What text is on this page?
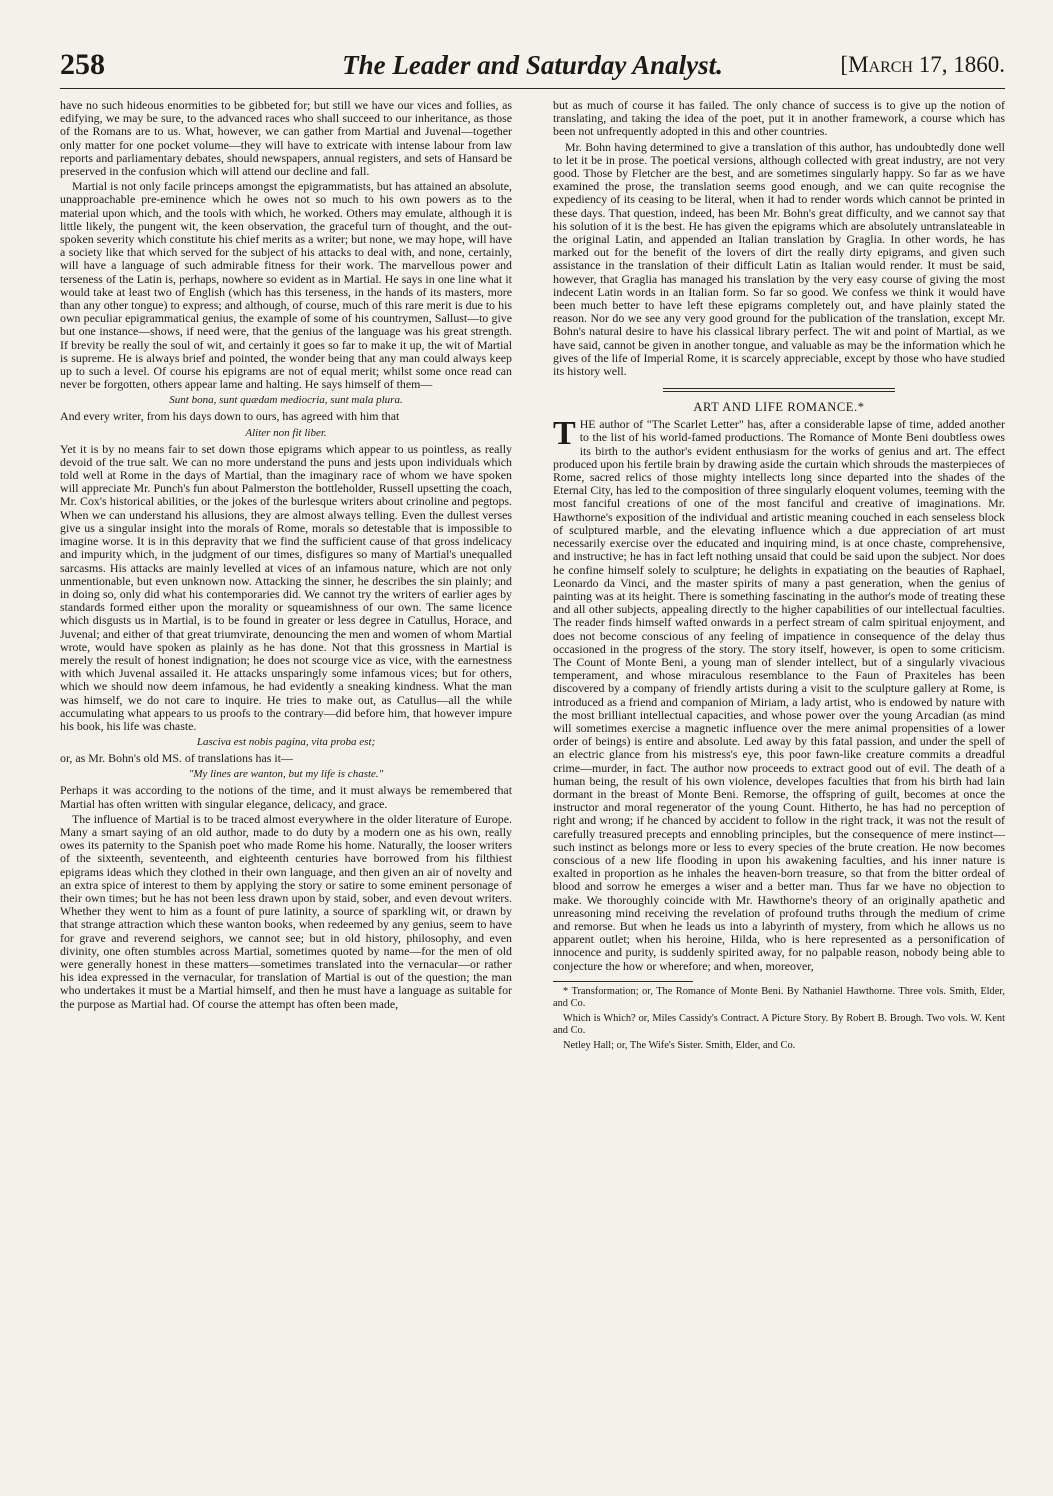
258	The Leader and Saturday Analyst.	[March 17, 1860.

have no such hideous enormities to be gibbeted for; but still we have our vices and follies, as edifying, we may be sure, to the advanced races who shall succeed to our inheritance, as those of the Romans are to us. What, however, we can gather from Martial and Juvenal—together only matter for one pocket volume—they will have to extricate with intense labour from law reports and parliamentary debates, should newspapers, annual registers, and sets of Hansard be preserved in the confusion which will attend our decline and fall.

Martial is not only facile princeps amongst the epigrammatists, but has attained an absolute, unapproachable pre-eminence which he owes not so much to his own powers as to the material upon which, and the tools with which, he worked. Others may emulate, although it is little likely, the pungent wit, the keen observation, the graceful turn of thought, and the out-spoken severity which constitute his chief merits as a writer; but none, we may hope, will have a society like that which served for the subject of his attacks to deal with, and none, certainly, will have a language of such admirable fitness for their work. The marvellous power and terseness of the Latin is, perhaps, nowhere so evident as in Martial. He says in one line what it would take at least two of English (which has this terseness, in the hands of its masters, more than any other tongue) to express; and although, of course, much of this rare merit is due to his own peculiar epigrammatical genius, the example of some of his countrymen, Sallust—to give but one instance—shows, if need were, that the genius of the language was his great strength. If brevity be really the soul of wit, and certainly it goes so far to make it up, the wit of Martial is supreme. He is always brief and pointed, the wonder being that any man could always keep up to such a level. Of course his epigrams are not of equal merit; whilst some once read can never be forgotten, others appear lame and halting. He says himself of them—

Sunt bona, sunt quædam mediocria, sunt mala plura.

And every writer, from his days down to ours, has agreed with him that

Aliter non fit liber.

Yet it is by no means fair to set down those epigrams which appear to us pointless, as really devoid of the true salt. We can no more understand the puns and jests upon individuals which told well at Rome in the days of Martial, than the imaginary race of whom we have spoken will appreciate Mr. Punch's fun about Palmerston the bottleholder, Russell upsetting the coach, Mr. Cox's historical abilities, or the jokes of the burlesque writers about crinoline and pegtops. When we can understand his allusions, they are almost always telling. Even the dullest verses give us a singular insight into the morals of Rome, morals so detestable that is impossible to imagine worse. It is in this depravity that we find the sufficient cause of that gross indelicacy and impurity which, in the judgment of our times, disfigures so many of Martial's unequalled sarcasms. His attacks are mainly levelled at vices of an infamous nature, which are not only unmentionable, but even unknown now. Attacking the sinner, he describes the sin plainly; and in doing so, only did what his contemporaries did. We cannot try the writers of earlier ages by standards formed either upon the morality or squeamishness of our own. The same licence which disgusts us in Martial, is to be found in greater or less degree in Catullus, Horace, and Juvenal; and either of that great triumvirate, denouncing the men and women of whom Martial wrote, would have spoken as plainly as he has done. Not that this grossness in Martial is merely the result of honest indignation; he does not scourge vice as vice, with the earnestness with which Juvenal assailed it. He attacks unsparingly some infamous vices; but for others, which we should now deem infamous, he had evidently a sneaking kindness. What the man was himself, we do not care to inquire. He tries to make out, as Catullus—all the while accumulating what appears to us proofs to the contrary—did before him, that however impure his book, his life was chaste.

Lasciva est nobis pagina, vita proba est;

or, as Mr. Bohn's old MS. of translations has it—

"My lines are wanton, but my life is chaste."

Perhaps it was according to the notions of the time, and it must always be remembered that Martial has often written with singular elegance, delicacy, and grace.

The influence of Martial is to be traced almost everywhere in the older literature of Europe. Many a smart saying of an old author, made to do duty by a modern one as his own, really owes its paternity to the Spanish poet who made Rome his home. Naturally, the looser writers of the sixteenth, seventeenth, and eighteenth centuries have borrowed from his filthiest epigrams ideas which they clothed in their own language, and then given an air of novelty and an extra spice of interest to them by applying the story or satire to some eminent personage of their own times; but he has not been less drawn upon by staid, sober, and even devout writers. Whether they went to him as a fount of pure latinity, a source of sparkling wit, or drawn by that strange attraction which these wanton books, when redeemed by any genius, seem to have for grave and reverend seighors, we cannot see; but in old history, philosophy, and even divinity, one often stumbles across Martial, sometimes quoted by name—for the men of old were generally honest in these matters—sometimes translated into the vernacular—or rather his idea expressed in the vernacular, for translation of Martial is out of the question; the man who undertakes it must be a Martial himself, and then he must have a language as suitable for the purpose as Martial had. Of course the attempt has often been made,

but as much of course it has failed. The only chance of success is to give up the notion of translating, and taking the idea of the poet, put it in another framework, a course which has been not unfrequently adopted in this and other countries.

Mr. Bohn having determined to give a translation of this author, has undoubtedly done well to let it be in prose. The poetical versions, although collected with great industry, are not very good. Those by Fletcher are the best, and are sometimes singularly happy. So far as we have examined the prose, the translation seems good enough, and we can quite recognise the expediency of its ceasing to be literal, when it had to render words which cannot be printed in these days. That question, indeed, has been Mr. Bohn's great difficulty, and we cannot say that his solution of it is the best. He has given the epigrams which are absolutely untranslateable in the original Latin, and appended an Italian translation by Graglia. In other words, he has marked out for the benefit of the lovers of dirt the really dirty epigrams, and given such assistance in the translation of their difficult Latin as Italian would render. It must be said, however, that Graglia has managed his translation by the very easy course of giving the most indecent Latin words in an Italian form. So far so good. We confess we think it would have been much better to have left these epigrams completely out, and have plainly stated the reason. Nor do we see any very good ground for the publication of the translation, except Mr. Bohn's natural desire to have his classical library perfect. The wit and point of Martial, as we have said, cannot be given in another tongue, and valuable as may be the information which he gives of the life of Imperial Rome, it is scarcely appreciable, except by those who have studied its history well.

ART AND LIFE ROMANCE.*

THE author of "The Scarlet Letter" has, after a considerable lapse of time, added another to the list of his world-famed productions. The Romance of Monte Beni doubtless owes its birth to the author's evident enthusiasm for the works of genius and art. The effect produced upon his fertile brain by drawing aside the curtain which shrouds the masterpieces of Rome, sacred relics of those mighty intellects long since departed into the shades of the Eternal City, has led to the composition of three singularly eloquent volumes, teeming with the most fanciful creations of one of the most fanciful and creative of imaginations. Mr. Hawthorne's exposition of the individual and artistic meaning couched in each senseless block of sculptured marble, and the elevating influence which a due appreciation of art must necessarily exercise over the educated and inquiring mind, is at once chaste, comprehensive, and instructive; he has in fact left nothing unsaid that could be said upon the subject. Nor does he confine himself solely to sculpture; he delights in expatiating on the beauties of Raphael, Leonardo da Vinci, and the master spirits of many a past generation, when the genius of painting was at its height. There is something fascinating in the author's mode of treating these and all other subjects, appealing directly to the higher capabilities of our intellectual faculties. The reader finds himself wafted onwards in a perfect stream of calm spiritual enjoyment, and does not become conscious of any feeling of impatience in consequence of the delay thus occasioned in the progress of the story. The story itself, however, is open to some criticism. The Count of Monte Beni, a young man of slender intellect, but of a singularly vivacious temperament, and whose miraculous resemblance to the Faun of Praxiteles has been discovered by a company of friendly artists during a visit to the sculpture gallery at Rome, is introduced as a friend and companion of Miriam, a lady artist, who is endowed by nature with the most brilliant intellectual capacities, and whose power over the young Arcadian (as mind will sometimes exercise a magnetic influence over the mere animal propensities of a lower order of beings) is entire and absolute. Led away by this fatal passion, and under the spell of an electric glance from his mistress's eye, this poor fawn-like creature commits a dreadful crime—murder, in fact. The author now proceeds to extract good out of evil. The death of a human being, the result of his own violence, developes faculties that from his birth had lain dormant in the breast of Monte Beni. Remorse, the offspring of guilt, becomes at once the instructor and moral regenerator of the young Count. Hitherto, he has had no perception of right and wrong; if he chanced by accident to follow in the right track, it was not the result of carefully treasured precepts and ennobling principles, but the consequence of mere instinct—such instinct as belongs more or less to every species of the brute creation. He now becomes conscious of a new life flooding in upon his awakening faculties, and his inner nature is exalted in proportion as he inhales the heaven-born treasure, so that from the bitter ordeal of blood and sorrow he emerges a wiser and a better man. Thus far we have no objection to make. We thoroughly coincide with Mr. Hawthorne's theory of an originally apathetic and unreasoning mind receiving the revelation of profound truths through the medium of crime and remorse. But when he leads us into a labyrinth of mystery, from which he allows us no apparent outlet; when his heroine, Hilda, who is here represented as a personification of innocence and purity, is suddenly spirited away, for no palpable reason, nobody being able to conjecture the how or wherefore; and when, moreover,

* Transformation; or, The Romance of Monte Beni. By Nathaniel Hawthorne. Three vols. Smith, Elder, and Co.

Which is Which? or, Miles Cassidy's Contract. A Picture Story. By Robert B. Brough. Two vols. W. Kent and Co.

Netley Hall; or, The Wife's Sister. Smith, Elder, and Co.
